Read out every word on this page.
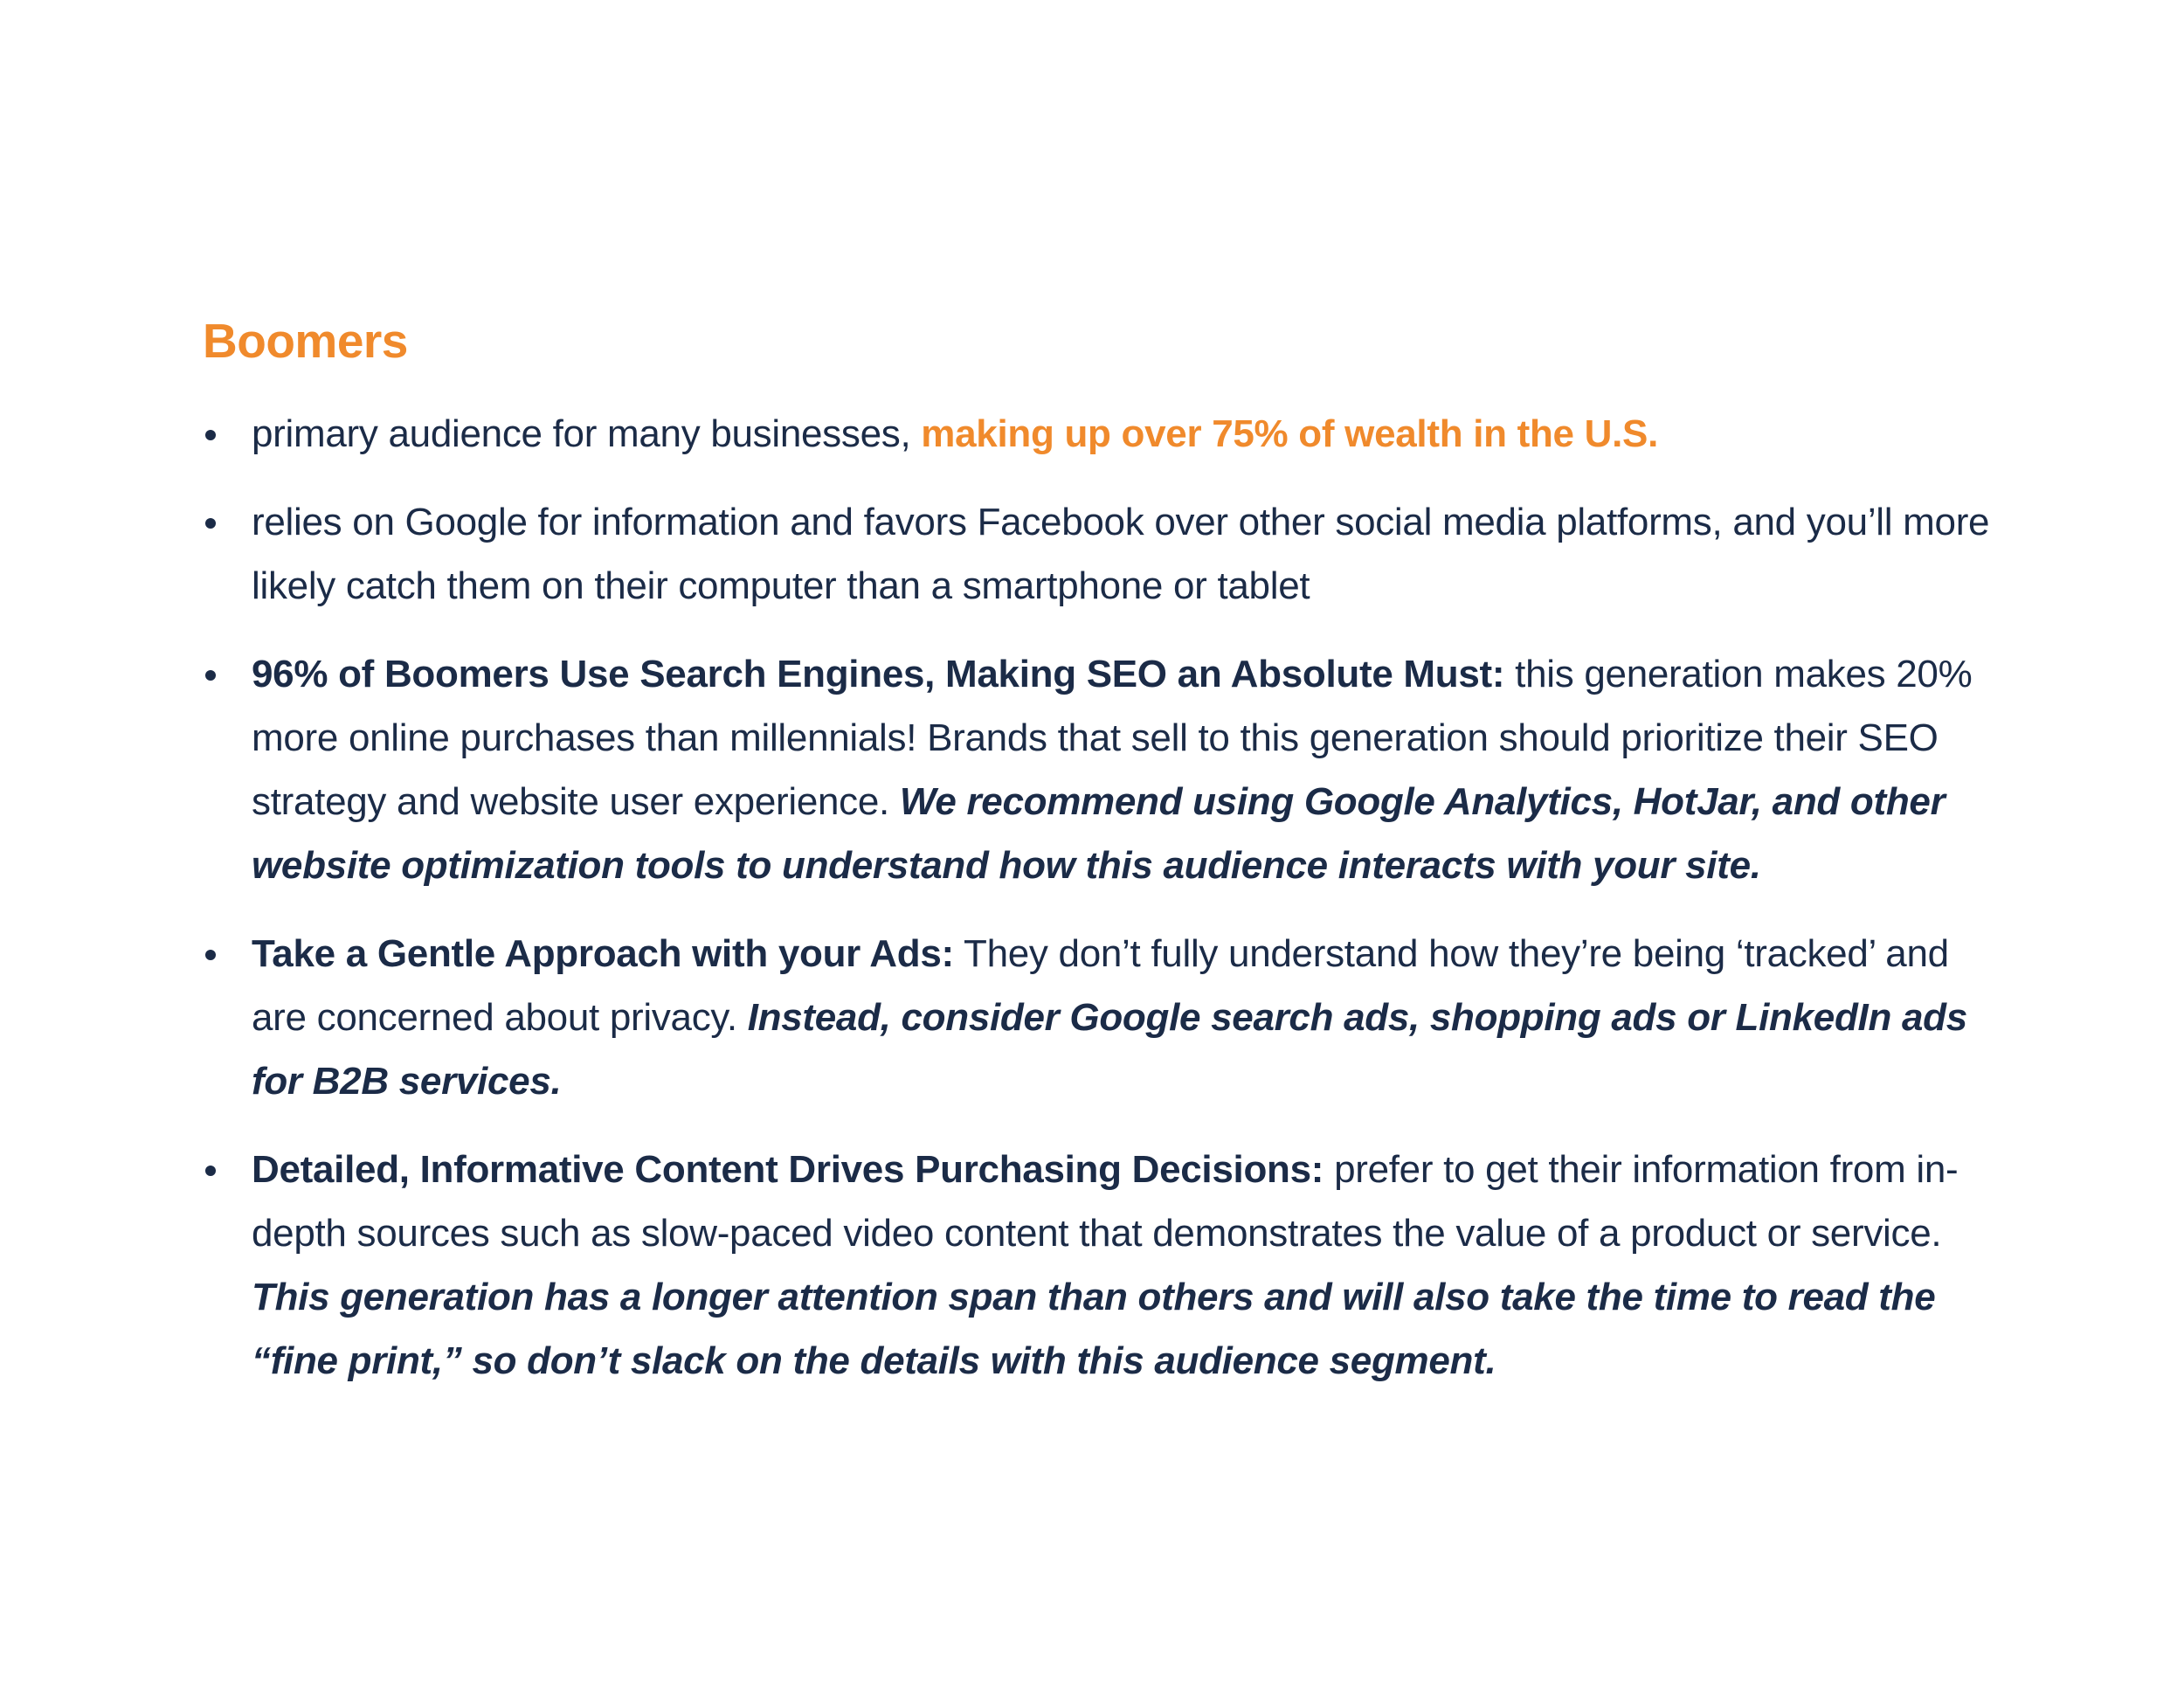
Boomers
primary audience for many businesses, making up over 75% of wealth in the U.S.
relies on Google for information and favors Facebook over other social media platforms, and you’ll more likely catch them on their computer than a smartphone or tablet
96% of Boomers Use Search Engines, Making SEO an Absolute Must: this generation makes 20% more online purchases than millennials! Brands that sell to this generation should prioritize their SEO strategy and website user experience. We recommend using Google Analytics, HotJar, and other website optimization tools to understand how this audience interacts with your site.
Take a Gentle Approach with your Ads: They don’t fully understand how they’re being ‘tracked’ and are concerned about privacy. Instead, consider Google search ads, shopping ads or LinkedIn ads for B2B services.
Detailed, Informative Content Drives Purchasing Decisions: prefer to get their information from in-depth sources such as slow-paced video content that demonstrates the value of a product or service. This generation has a longer attention span than others and will also take the time to read the “fine print,” so don’t slack on the details with this audience segment.
